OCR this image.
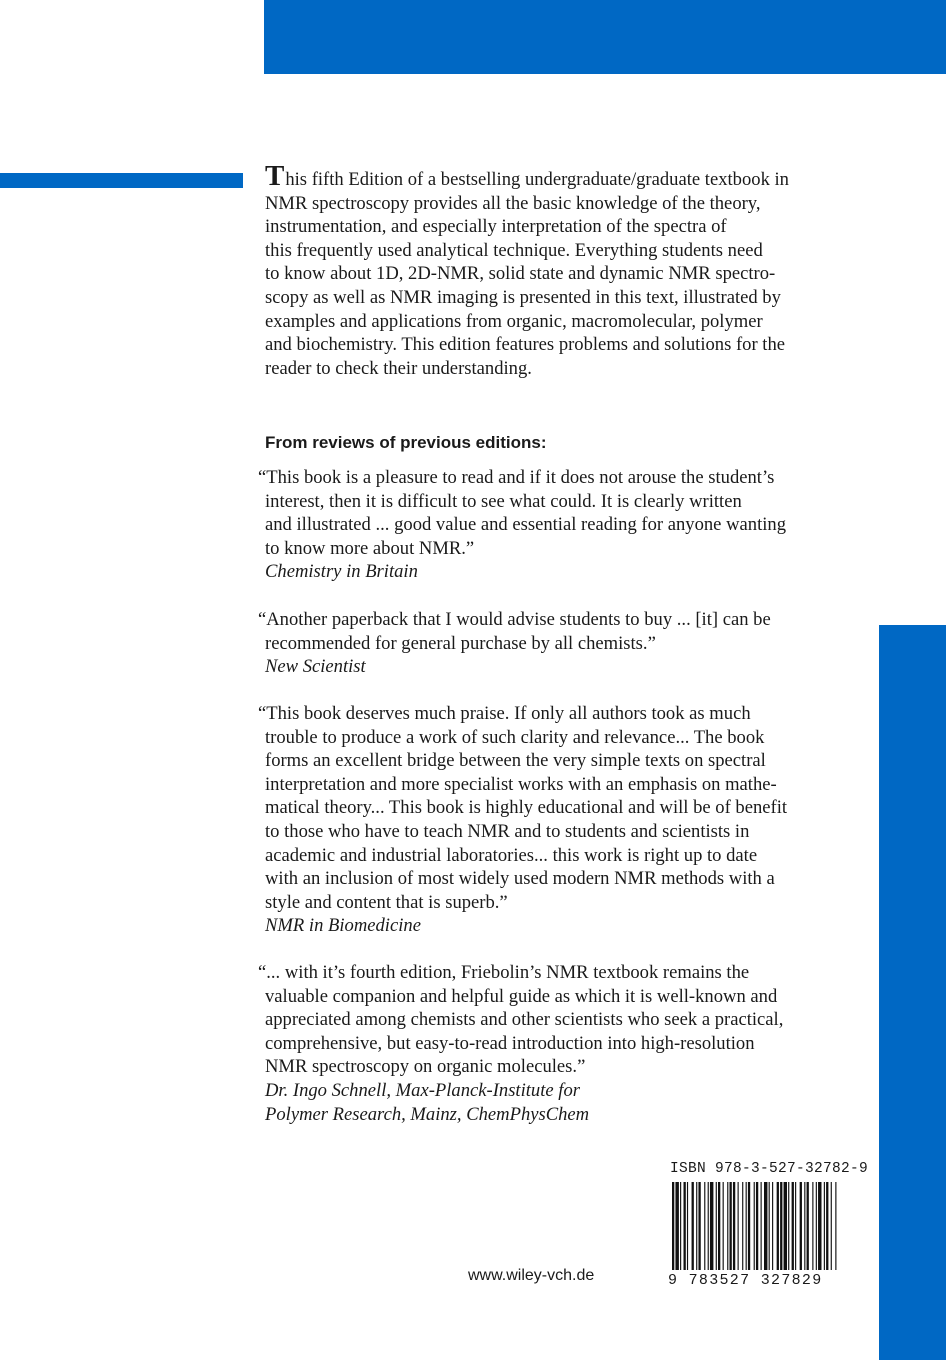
This fifth Edition of a bestselling undergraduate/graduate textbook in
NMR spectroscopy provides all the basic knowledge of the theory,
instrumentation, and especially interpretation of the spectra of
this frequently used analytical technique. Everything students need
to know about 1D, 2D-NMR, solid state and dynamic NMR spectro-
scopy as well as NMR imaging is presented in this text, illustrated by
examples and applications from organic, macromolecular, polymer
and biochemistry. This edition features problems and solutions for the
reader to check their understanding.
From reviews of previous editions:
“This book is a pleasure to read and if it does not arouse the student’s
interest, then it is difficult to see what could. It is clearly written
and illustrated ... good value and essential reading for anyone wanting
to know more about NMR.”
Chemistry in Britain
“Another paperback that I would advise students to buy ... [it] can be
recommended for general purchase by all chemists.”
New Scientist
“This book deserves much praise. If only all authors took as much
trouble to produce a work of such clarity and relevance... The book
forms an excellent bridge between the very simple texts on spectral
interpretation and more specialist works with an emphasis on mathe-
matical theory... This book is highly educational and will be of benefit
to those who have to teach NMR and to students and scientists in
academic and industrial laboratories... this work is right up to date
with an inclusion of most widely used modern NMR methods with a
style and content that is superb.”
NMR in Biomedicine
“... with it’s fourth edition, Friebolin’s NMR textbook remains the
valuable companion and helpful guide as which it is well-known and
appreciated among chemists and other scientists who seek a practical,
comprehensive, but easy-to-read introduction into high-resolution
NMR spectroscopy on organic molecules.”
Dr. Ingo Schnell, Max-Planck-Institute for
Polymer Research, Mainz, ChemPhysChem
ISBN 978-3-527-32782-9
9 783527 327829
www.wiley-vch.de
